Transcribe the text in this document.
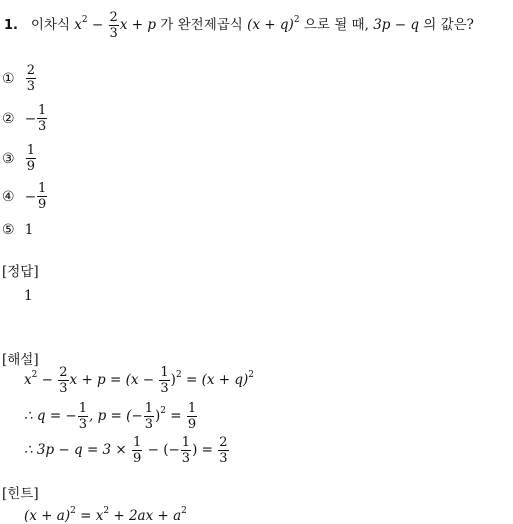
1. 이차식 $x^2 - \frac{2}{3}$ x + p 가 완전제곱식 $(x + q)^2$ 으로 될 때, 3p − q 의 값은?
① $\frac{2}{3}$
② − $\frac{1}{3}$
③ $\frac{1}{9}$
④ − $\frac{1}{9}$
⑤ 1
[정답]
1
[해설]
$x^2 - \frac{2}{3}$ $x + p = (x - \frac{1}{3} )^2 = (x + q)^2$
∴ q = − $\frac{1}{3}$ , p = (− $\frac{1}{3} )^2 = \frac{1}{9}$
∴ $3p - q = 3 \times \frac{1}{9}$ − (− $\frac{1}{3}$ ) = $\frac{2}{3}$
[힌트]
$(x + a)^2 = x^2 + 2ax + a^2$
